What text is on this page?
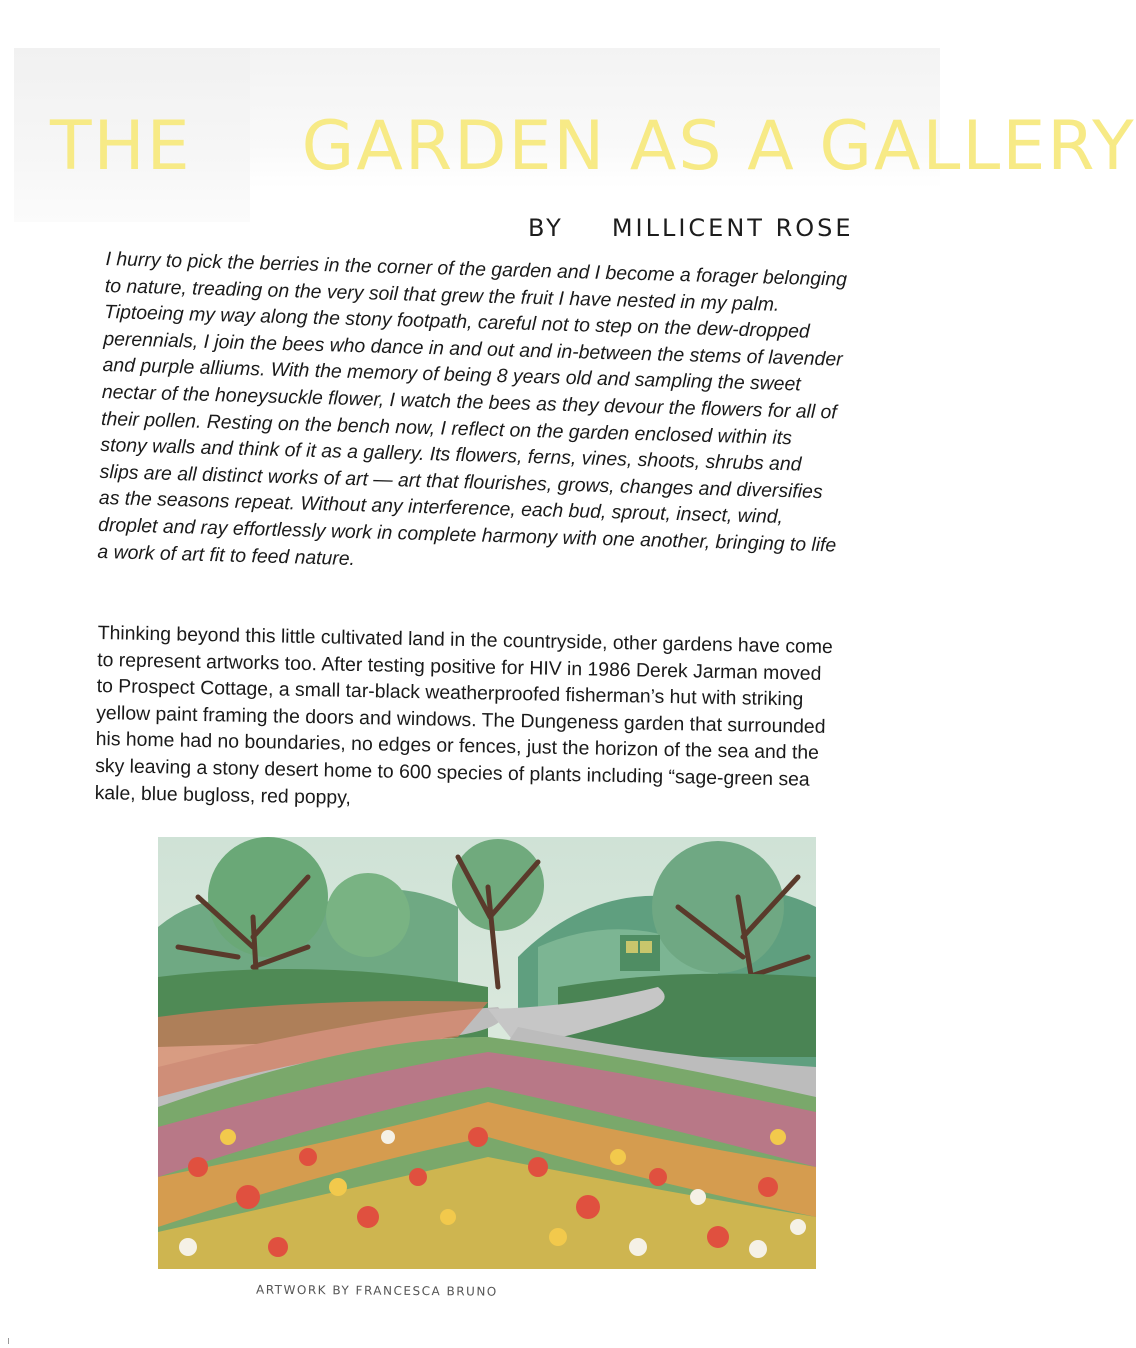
THE GARDEN AS A GALLERY
BY MILLICENT ROSE

I hurry to pick the berries in the corner of the garden and I become a forager belonging to nature, treading on the very soil that grew the fruit I have nested in my palm. Tiptoeing my way along the stony footpath, careful not to step on the dew-dropped perennials, I join the bees who dance in and out and in-between the stems of lavender and purple alliums. With the memory of being 8 years old and sampling the sweet nectar of the honeysuckle flower, I watch the bees as they devour the flowers for all of their pollen. Resting on the bench now, I reflect on the garden enclosed within its stony walls and think of it as a gallery. Its flowers, ferns, vines, shoots, shrubs and slips are all distinct works of art — art that flourishes, grows, changes and diversifies as the seasons repeat. Without any interference, each bud, sprout, insect, wind, droplet and ray effortlessly work in complete harmony with one another, bringing to life a work of art fit to feed nature.

Thinking beyond this little cultivated land in the countryside, other gardens have come to represent artworks too. After testing positive for HIV in 1986 Derek Jarman moved to Prospect Cottage, a small tar-black weatherproofed fisherman’s hut with striking yellow paint framing the doors and windows. The Dungeness garden that surrounded his home had no boundaries, no edges or fences, just the horizon of the sea and the sky leaving a stony desert home to 600 species of plants including “sage-green sea kale, blue bugloss, red poppy,

ARTWORK BY FRANCESCA BRUNO
